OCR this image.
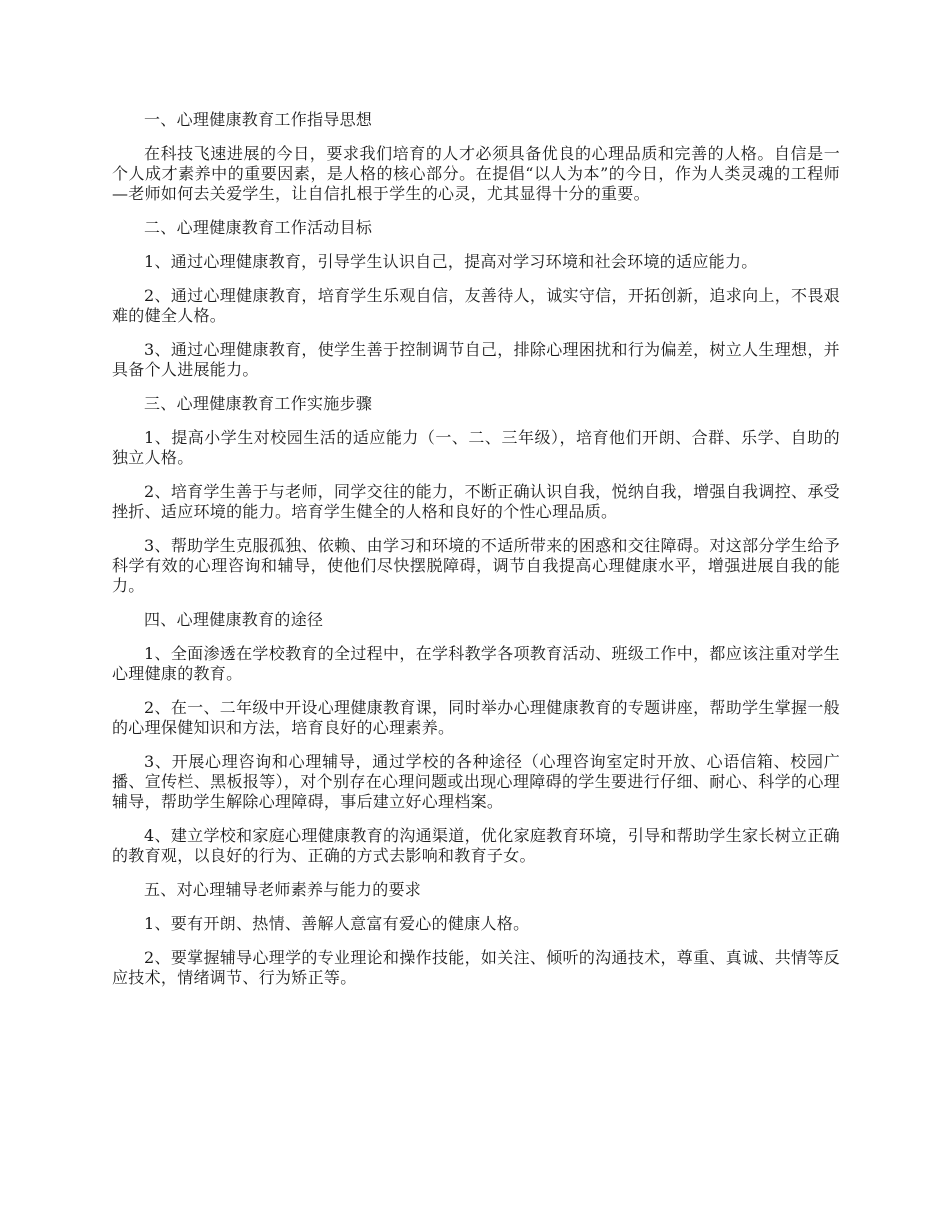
一、心理健康教育工作指导思想

在科技飞速进展的今日，要求我们培育的人才必须具备优良的心理品质和完善的人格。自信是一个人成才素养中的重要因素，是人格的核心部分。在提倡“以人为本”的今日，作为人类灵魂的工程师—老师如何去关爱学生，让自信扎根于学生的心灵，尤其显得十分的重要。

二、心理健康教育工作活动目标

1、通过心理健康教育，引导学生认识自己，提高对学习环境和社会环境的适应能力。

2、通过心理健康教育，培育学生乐观自信，友善待人，诚实守信，开拓创新，追求向上，不畏艰难的健全人格。

3、通过心理健康教育，使学生善于控制调节自己，排除心理困扰和行为偏差，树立人生理想，并具备个人进展能力。

三、心理健康教育工作实施步骤

1、提高小学生对校园生活的适应能力（一、二、三年级），培育他们开朗、合群、乐学、自助的独立人格。

2、培育学生善于与老师，同学交往的能力，不断正确认识自我，悦纳自我，增强自我调控、承受挫折、适应环境的能力。培育学生健全的人格和良好的个性心理品质。

3、帮助学生克服孤独、依赖、由学习和环境的不适所带来的困惑和交往障碍。对这部分学生给予科学有效的心理咨询和辅导，使他们尽快摆脱障碍，调节自我提高心理健康水平，增强进展自我的能力。

四、心理健康教育的途径

1、全面渗透在学校教育的全过程中，在学科教学各项教育活动、班级工作中，都应该注重对学生心理健康的教育。

2、在一、二年级中开设心理健康教育课，同时举办心理健康教育的专题讲座，帮助学生掌握一般的心理保健知识和方法，培育良好的心理素养。

3、开展心理咨询和心理辅导，通过学校的各种途径（心理咨询室定时开放、心语信箱、校园广播、宣传栏、黑板报等），对个别存在心理问题或出现心理障碍的学生要进行仔细、耐心、科学的心理辅导，帮助学生解除心理障碍，事后建立好心理档案。

4、建立学校和家庭心理健康教育的沟通渠道，优化家庭教育环境，引导和帮助学生家长树立正确的教育观，以良好的行为、正确的方式去影响和教育子女。

五、对心理辅导老师素养与能力的要求

1、要有开朗、热情、善解人意富有爱心的健康人格。

2、要掌握辅导心理学的专业理论和操作技能，如关注、倾听的沟通技术，尊重、真诚、共情等反应技术，情绪调节、行为矫正等。
